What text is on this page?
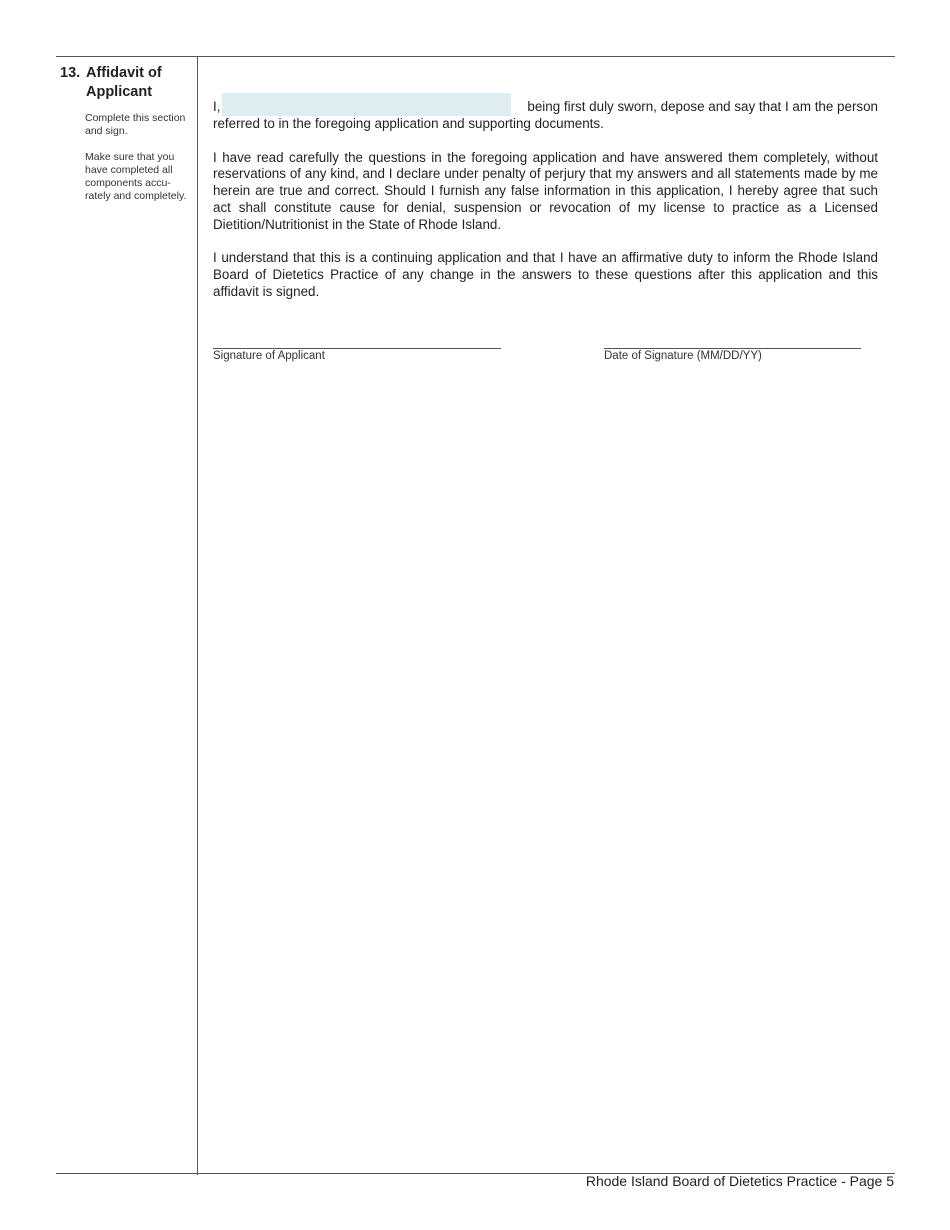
13. Affidavit of
Applicant
Complete this section
and sign.
Make sure that you
have completed all
components accu-
rately and completely.
I,	being first duly sworn, depose and say that I am the person
referred to in the foregoing application and supporting documents.

I have read carefully the questions in the foregoing application and have answered them completely, without reservations of any kind, and I declare under penalty of perjury that my answers and all statements made by me herein are true and correct. Should I furnish any false information in this application, I hereby agree that such act shall constitute cause for denial, suspension or revocation of my license to practice as a Licensed Dietition/Nutritionist in the State of Rhode Island.

I understand that this is a continuing application and that I have an affirmative duty to inform the Rhode Island Board of Dietetics Practice of any change in the answers to these questions after this application and this affidavit is signed.

Signature of Applicant	Date of Signature (MM/DD/YY)
Rhode Island Board of Dietetics Practice - Page 5
